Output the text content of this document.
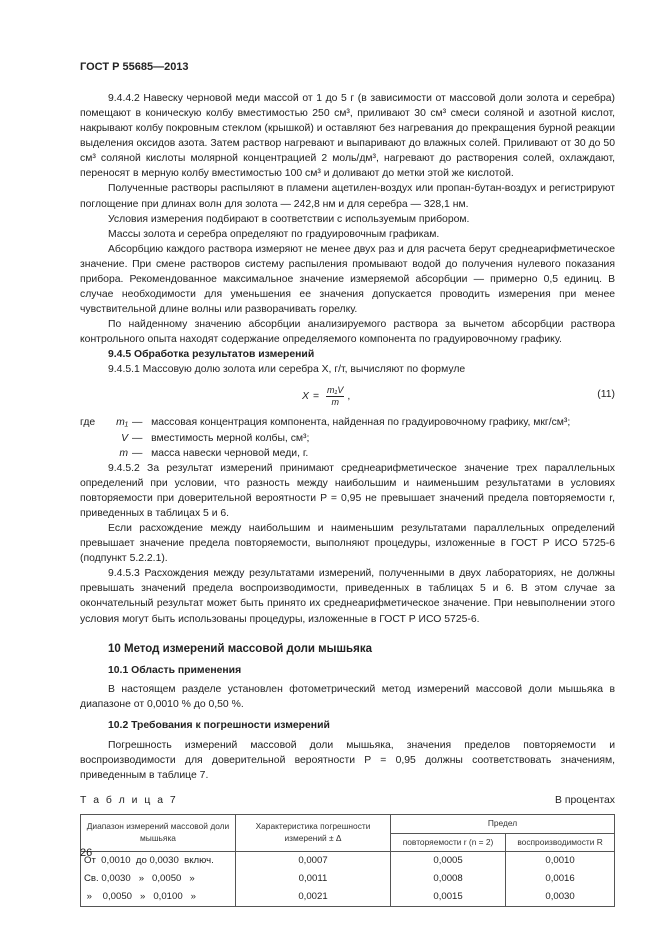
ГОСТ Р 55685—2013

9.4.4.2 Навеску черновой меди массой от 1 до 5 г (в зависимости от массовой доли золота и серебра) помещают в коническую колбу вместимостью 250 см³, приливают 30 см³ смеси соляной и азотной кислот, накрывают колбу покровным стеклом (крышкой) и оставляют без нагревания до прекращения бурной реакции выделения оксидов азота. Затем раствор нагревают и выпаривают до влажных солей. Приливают от 30 до 50 см³ соляной кислоты молярной концентрацией 2 моль/дм³, нагревают до растворения солей, охлаждают, переносят в мерную колбу вместимостью 100 см³ и доливают до метки этой же кислотой.

Полученные растворы распыляют в пламени ацетилен-воздух или пропан-бутан-воздух и регистрируют поглощение при длинах волн для золота — 242,8 нм и для серебра — 328,1 нм.

Условия измерения подбирают в соответствии с используемым прибором.

Массы золота и серебра определяют по градуировочным графикам.

Абсорбцию каждого раствора измеряют не менее двух раз и для расчета берут среднеарифметическое значение. При смене растворов систему распыления промывают водой до получения нулевого показания прибора. Рекомендованное максимальное значение измеряемой абсорбции — примерно 0,5 единиц. В случае необходимости для уменьшения ее значения допускается проводить измерения при менее чувствительной длине волны или разворачивать горелку.

По найденному значению абсорбции анализируемого раствора за вычетом абсорбции раствора контрольного опыта находят содержание определяемого компонента по градуировочному графику.

9.4.5 Обработка результатов измерений

9.4.5.1 Массовую долю золота или серебра X, г/т, вычисляют по формуле

$X = \frac{\text{m₁V}}{m}$ ,	(11)
где	m₁ — массовая концентрация компонента, найденная по градуировочному графику, мкг/см³;
V — вместимость мерной колбы, см³;
m — масса навески черновой меди, г.

9.4.5.2 За результат измерений принимают среднеарифметическое значение трех параллельных определений при условии, что разность между наибольшим и наименьшим результатами в условиях повторяемости при доверительной вероятности P = 0,95 не превышает значений предела повторяемости r, приведенных в таблицах 5 и 6.

Если расхождение между наибольшим и наименьшим результатами параллельных определений превышает значение предела повторяемости, выполняют процедуры, изложенные в ГОСТ Р ИСО 5725-6 (подпункт 5.2.2.1).

9.4.5.3 Расхождения между результатами измерений, полученными в двух лабораториях, не должны превышать значений предела воспроизводимости, приведенных в таблицах 5 и 6. В этом случае за окончательный результат может быть принято их среднеарифметическое значение. При невыполнении этого условия могут быть использованы процедуры, изложенные в ГОСТ Р ИСО 5725-6.

10 Метод измерений массовой доли мышьяка
10.1 Область применения

В настоящем разделе установлен фотометрический метод измерений массовой доли мышьяка в диапазоне от 0,0010 % до 0,50 %.

10.2 Требования к погрешности измерений

Погрешность измерений массовой доли мышьяка, значения пределов повторяемости и воспроизводимости для доверительной вероятности P = 0,95 должны соответствовать значениям, приведенным в таблице 7.

Т а б л и ц а 7	В процентах
Диапазон измерений массовой доли мышьяка	Характеристика погрешности измерений ± Δ	Предел	
		повторяемости r (n = 2)	воспроизводимости R
От  0,0010  до 0,0030  включ.	0,0007	0,0005	0,0010
Св. 0,0030   »   0,0050   »	0,0011	0,0008	0,0016
»    0,0050   »   0,0100   »	0,0021	0,0015	0,0030
26
